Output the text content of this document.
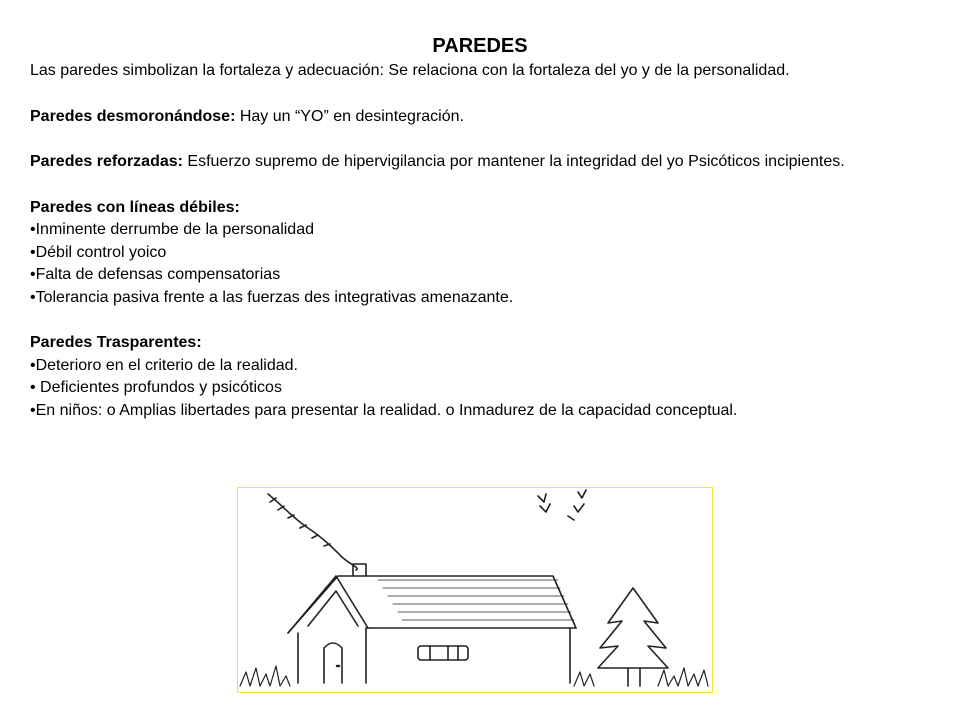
PAREDES

Las paredes simbolizan la fortaleza y adecuación: Se relaciona con la fortaleza del yo y de la personalidad.

Paredes desmoronándose: Hay un “YO” en desintegración.

Paredes reforzadas: Esfuerzo supremo de hipervigilancia por mantener la integridad del yo Psicóticos incipientes.

Paredes con líneas débiles:

•Inminente derrumbe de la personalidad

•Débil control yoico

•Falta de defensas compensatorias

•Tolerancia pasiva frente a las fuerzas des integrativas amenazante.

Paredes Trasparentes:

•Deterioro en el criterio de la realidad.

• Deficientes profundos y psicóticos

•En niños: o Amplias libertades para presentar la realidad. o Inmadurez de la capacidad conceptual.
